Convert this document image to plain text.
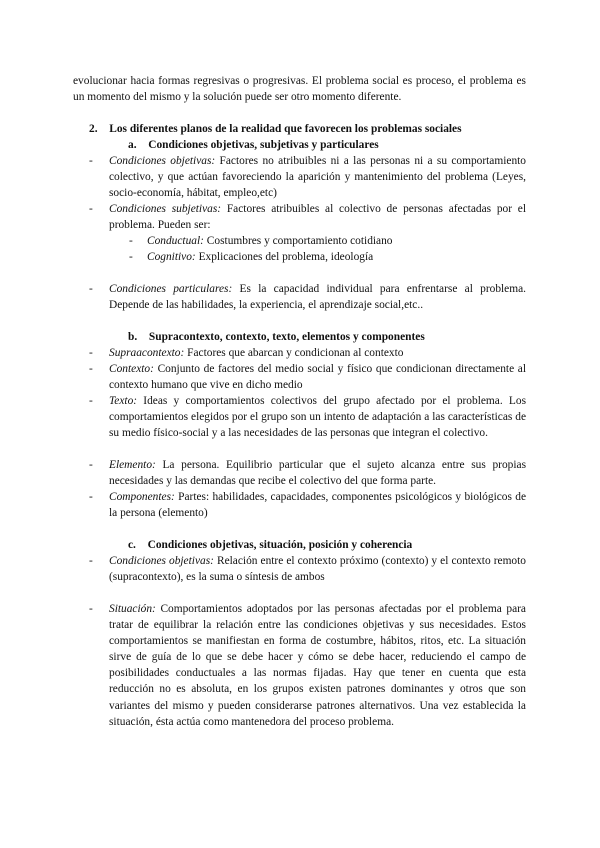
evolucionar hacia formas regresivas o progresivas. El problema social es proceso, el problema es un momento del mismo y la solución puede ser otro momento diferente.

2. Los diferentes planos de la realidad que favorecen los problemas sociales
a. Condiciones objetivas, subjetivas y particulares
- Condiciones objetivas: Factores no atribuibles ni a las personas ni a su comportamiento colectivo, y que actúan favoreciendo la aparición y mantenimiento del problema (Leyes, socio-economía, hábitat, empleo,etc)
- Condiciones subjetivas: Factores atribuibles al colectivo de personas afectadas por el problema. Pueden ser:
- Conductual: Costumbres y comportamiento cotidiano
- Cognitivo: Explicaciones del problema, ideología
- Condiciones particulares: Es la capacidad individual para enfrentarse al problema. Depende de las habilidades, la experiencia, el aprendizaje social,etc..
b. Supracontexto, contexto, texto, elementos y componentes
- Supraacontexto: Factores que abarcan y condicionan al contexto
- Contexto: Conjunto de factores del medio social y físico que condicionan directamente al contexto humano que vive en dicho medio
- Texto: Ideas y comportamientos colectivos del grupo afectado por el problema. Los comportamientos elegidos por el grupo son un intento de adaptación a las características de su medio físico-social y a las necesidades de las personas que integran el colectivo.
- Elemento: La persona. Equilibrio particular que el sujeto alcanza entre sus propias necesidades y las demandas que recibe el colectivo del que forma parte.
- Componentes: Partes: habilidades, capacidades, componentes psicológicos y biológicos de la persona (elemento)
c. Condiciones objetivas, situación, posición y coherencia
- Condiciones objetivas: Relación entre el contexto próximo (contexto) y el contexto remoto (supracontexto), es la suma o síntesis de ambos
- Situación: Comportamientos adoptados por las personas afectadas por el problema para tratar de equilibrar la relación entre las condiciones objetivas y sus necesidades. Estos comportamientos se manifiestan en forma de costumbre, hábitos, ritos, etc. La situación sirve de guía de lo que se debe hacer y cómo se debe hacer, reduciendo el campo de posibilidades conductuales a las normas fijadas. Hay que tener en cuenta que esta reducción no es absoluta, en los grupos existen patrones dominantes y otros que son variantes del mismo y pueden considerarse patrones alternativos. Una vez establecida la situación, ésta actúa como mantenedora del proceso problema.
